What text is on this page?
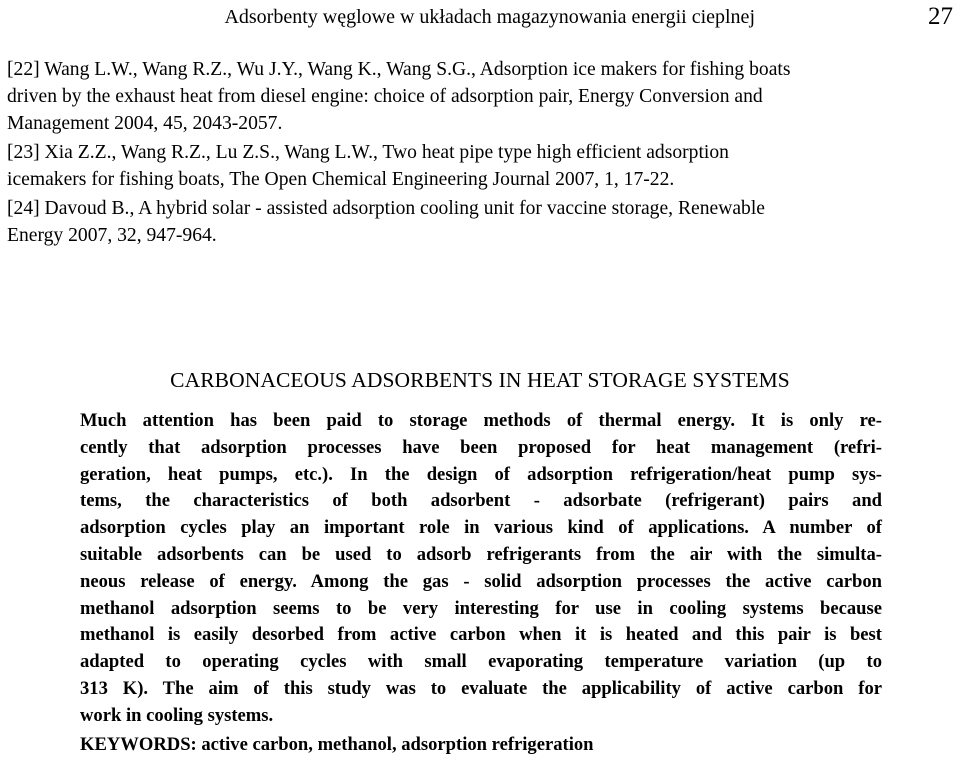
Adsorbenty węglowe w układach magazynowania energii cieplnej	27
[22] Wang L.W., Wang R.Z., Wu J.Y., Wang K., Wang S.G., Adsorption ice makers for fishing boats
driven by the exhaust heat from diesel engine: choice of adsorption pair, Energy Conversion and
Management 2004, 45, 2043-2057.
[23] Xia Z.Z., Wang R.Z., Lu Z.S., Wang L.W., Two heat pipe type high efficient adsorption
icemakers for fishing boats, The Open Chemical Engineering Journal 2007, 1, 17-22.
[24] Davoud B., A hybrid solar - assisted adsorption cooling unit for vaccine storage, Renewable
Energy 2007, 32, 947-964.
CARBONACEOUS ADSORBENTS IN HEAT STORAGE SYSTEMS
Much attention has been paid to storage methods of thermal energy. It is only re-
cently that adsorption processes have been proposed for heat management (refri-
geration, heat pumps, etc.). In the design of adsorption refrigeration/heat pump sys-
tems, the characteristics of both adsorbent - adsorbate (refrigerant) pairs and
adsorption cycles play an important role in various kind of applications. A number of
suitable adsorbents can be used to adsorb refrigerants from the air with the simulta-
neous release of energy. Among the gas - solid adsorption processes the active carbon
methanol adsorption seems to be very interesting for use in cooling systems because
methanol is easily desorbed from active carbon when it is heated and this pair is best
adapted to operating cycles with small evaporating temperature variation (up to
313 K). The aim of this study was to evaluate the applicability of active carbon for
work in cooling systems.
KEYWORDS: active carbon, methanol, adsorption refrigeration
